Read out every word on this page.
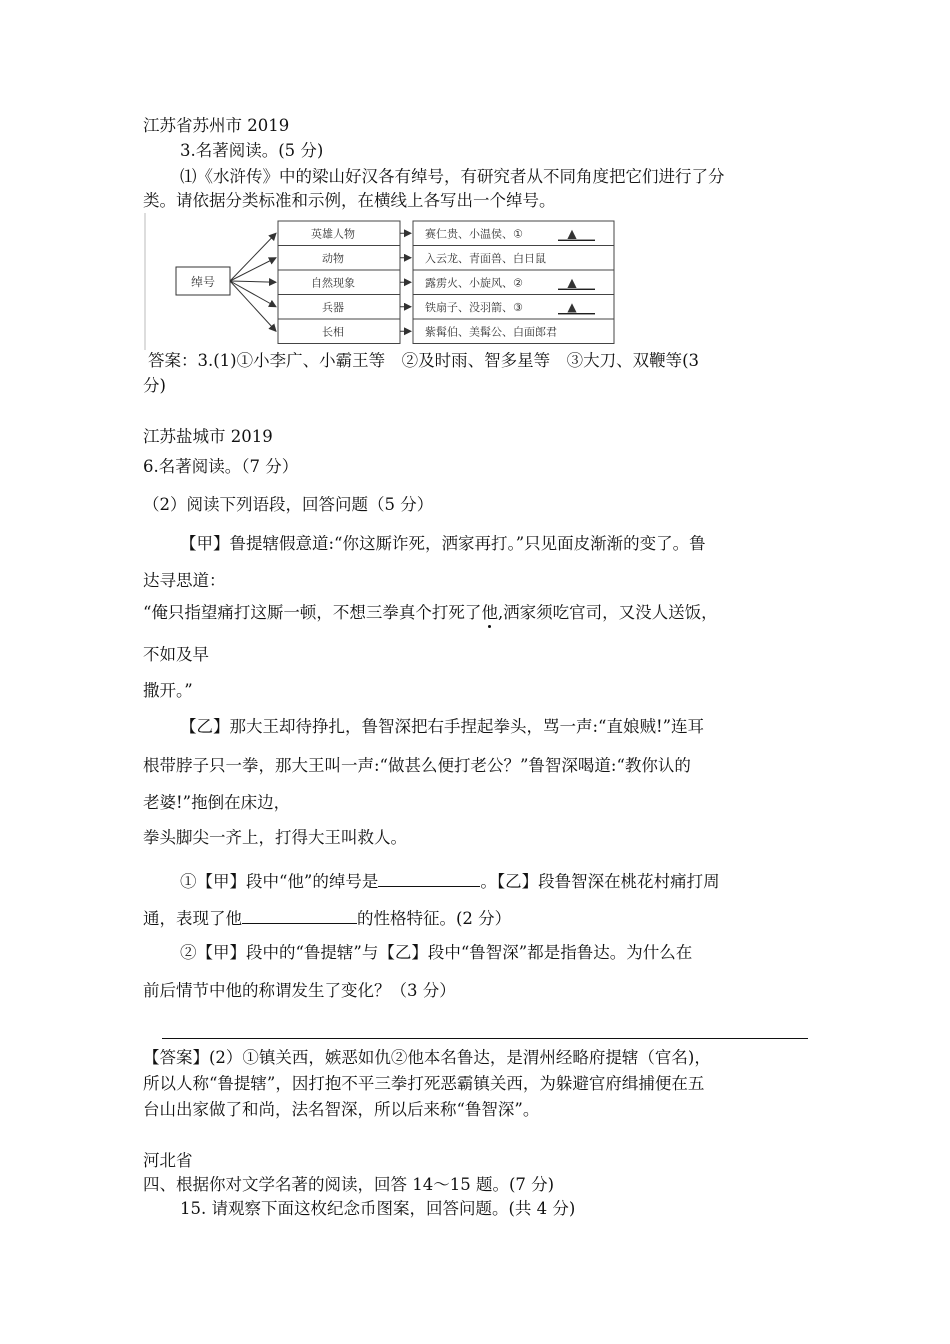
江苏省苏州市 2019
3.名著阅读。(5 分)
⑴《水浒传》中的梁山好汉各有绰号，有研究者从不同角度把它们进行了分
类。请依据分类标准和示例，在横线上各写出一个绰号。
绰号
英雄人物	赛仁贵、小温侯、①	▲
动物	入云龙、青面兽、白日鼠
自然现象	露雳火、小旋风、②	▲
兵器	铁扇子、没羽箭、③	▲
长相	紫髯伯、美髯公、白面郎君
答案：3.(1)①小李广、小霸王等　②及时雨、智多星等　③大刀、双鞭等(3
分)
江苏盐城市 2019
6.名著阅读。（7 分）
（2）阅读下列语段，回答问题（5 分）
【甲】鲁提辖假意道:“你这厮诈死，洒家再打。”只见面皮渐渐的变了。鲁
达寻思道：
“俺只指望痛打这厮一顿，不想三拳真个打死了他,洒家须吃官司，又没人送饭，
不如及早
撒开。”
【乙】那大王却待挣扎，鲁智深把右手捏起拳头，骂一声:“直娘贼!”连耳
根带脖子只一拳，那大王叫一声:“做甚么便打老公？”鲁智深喝道:“教你认的
老婆!”拖倒在床边，
拳头脚尖一齐上，打得大王叫救人。
①【甲】段中“他”的绰号是	。【乙】段鲁智深在桃花村痛打周
通，表现了他	的性格特征。(2 分）
②【甲】段中的“鲁提辖”与【乙】段中“鲁智深”都是指鲁达。为什么在
前后情节中他的称谓发生了变化？（3 分）
【答案】(2）①镇关西，嫉恶如仇②他本名鲁达，是渭州经略府提辖（官名)，
所以人称“鲁提辖”，因打抱不平三拳打死恶霸镇关西，为躲避官府缉捕便在五
台山出家做了和尚，法名智深，所以后来称“鲁智深”。
河北省
四、根据你对文学名著的阅读，回答 14～15 题。(7 分)
15. 请观察下面这枚纪念币图案，回答问题。(共 4 分)
